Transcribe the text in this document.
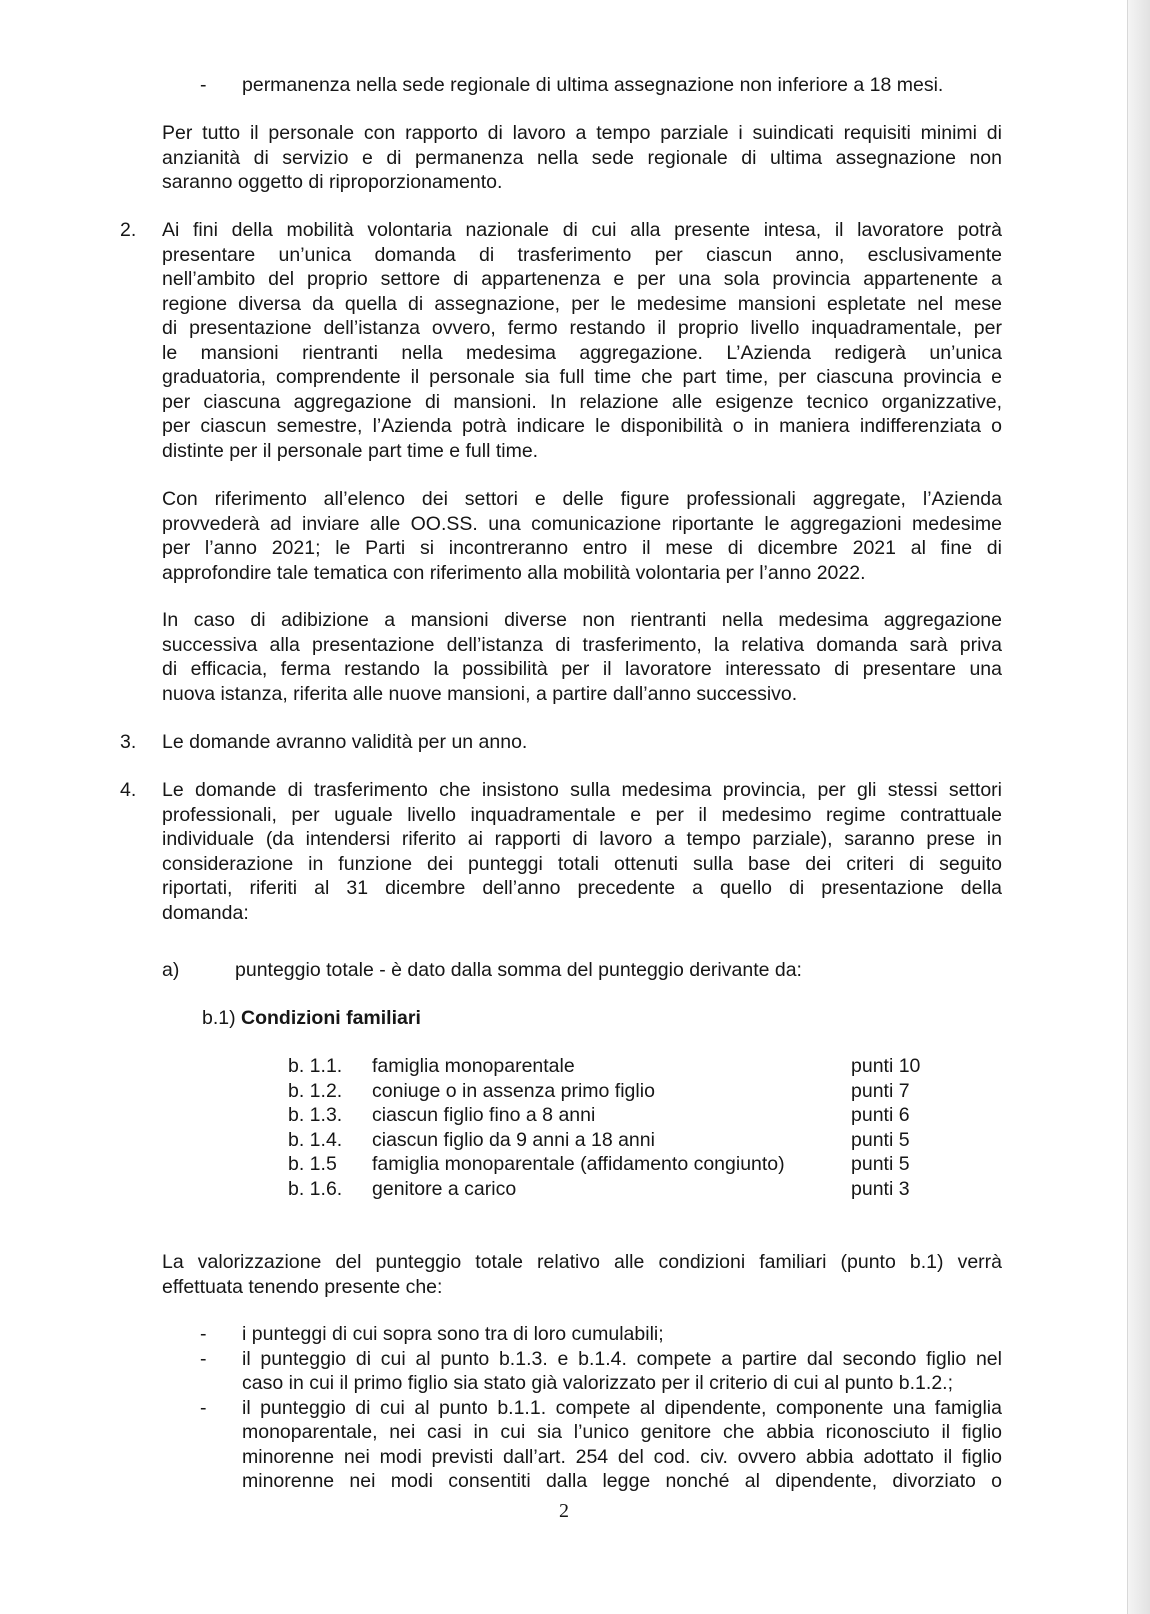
- permanenza nella sede regionale di ultima assegnazione non inferiore a 18 mesi.

Per tutto il personale con rapporto di lavoro a tempo parziale i suindicati requisiti minimi di

anzianità di servizio e di permanenza nella sede regionale di ultima assegnazione non

saranno oggetto di riproporzionamento.

2. Ai fini della mobilità volontaria nazionale di cui alla presente intesa, il lavoratore potrà

presentare un’unica domanda di trasferimento per ciascun anno, esclusivamente

nell’ambito del proprio settore di appartenenza e per una sola provincia appartenente a

regione diversa da quella di assegnazione, per le medesime mansioni espletate nel mese

di presentazione dell’istanza ovvero, fermo restando il proprio livello inquadramentale, per

le mansioni rientranti nella medesima aggregazione. L’Azienda redigerà un’unica

graduatoria, comprendente il personale sia full time che part time, per ciascuna provincia e

per ciascuna aggregazione di mansioni. In relazione alle esigenze tecnico organizzative,

per ciascun semestre, l’Azienda potrà indicare le disponibilità o in maniera indifferenziata o

distinte per il personale part time e full time.

Con riferimento all’elenco dei settori e delle figure professionali aggregate, l’Azienda

provvederà ad inviare alle OO.SS. una comunicazione riportante le aggregazioni medesime

per l’anno 2021; le Parti si incontreranno entro il mese di dicembre 2021 al fine di

approfondire tale tematica con riferimento alla mobilità volontaria per l’anno 2022.

In caso di adibizione a mansioni diverse non rientranti nella medesima aggregazione

successiva alla presentazione dell’istanza di trasferimento, la relativa domanda sarà priva

di efficacia, ferma restando la possibilità per il lavoratore interessato di presentare una

nuova istanza, riferita alle nuove mansioni, a partire dall’anno successivo.

3. Le domande avranno validità per un anno.

4. Le domande di trasferimento che insistono sulla medesima provincia, per gli stessi settori

professionali, per uguale livello inquadramentale e per il medesimo regime contrattuale

individuale (da intendersi riferito ai rapporti di lavoro a tempo parziale), saranno prese in

considerazione in funzione dei punteggi totali ottenuti sulla base dei criteri di seguito

riportati, riferiti al 31 dicembre dell’anno precedente a quello di presentazione della

domanda:

a)	punteggio totale - è dato dalla somma del punteggio derivante da:

b.1) Condizioni familiari

b. 1.1. famiglia monoparentale	punti 10
b. 1.2. coniuge o in assenza primo figlio	punti 7
b. 1.3. ciascun figlio fino a 8 anni	punti 6
b. 1.4. ciascun figlio da 9 anni a 18 anni	punti 5
b. 1.5 famiglia monoparentale (affidamento congiunto)	punti 5
b. 1.6. genitore a carico	punti 3

La valorizzazione del punteggio totale relativo alle condizioni familiari (punto b.1) verrà

effettuata tenendo presente che:

- i punteggi di cui sopra sono tra di loro cumulabili;

- il punteggio di cui al punto b.1.3. e b.1.4. compete a partire dal secondo figlio nel

caso in cui il primo figlio sia stato già valorizzato per il criterio di cui al punto b.1.2.;

- il punteggio di cui al punto b.1.1. compete al dipendente, componente una famiglia

monoparentale, nei casi in cui sia l’unico genitore che abbia riconosciuto il figlio

minorenne nei modi previsti dall’art. 254 del cod. civ. ovvero abbia adottato il figlio

minorenne nei modi consentiti dalla legge nonché al dipendente, divorziato o

2
